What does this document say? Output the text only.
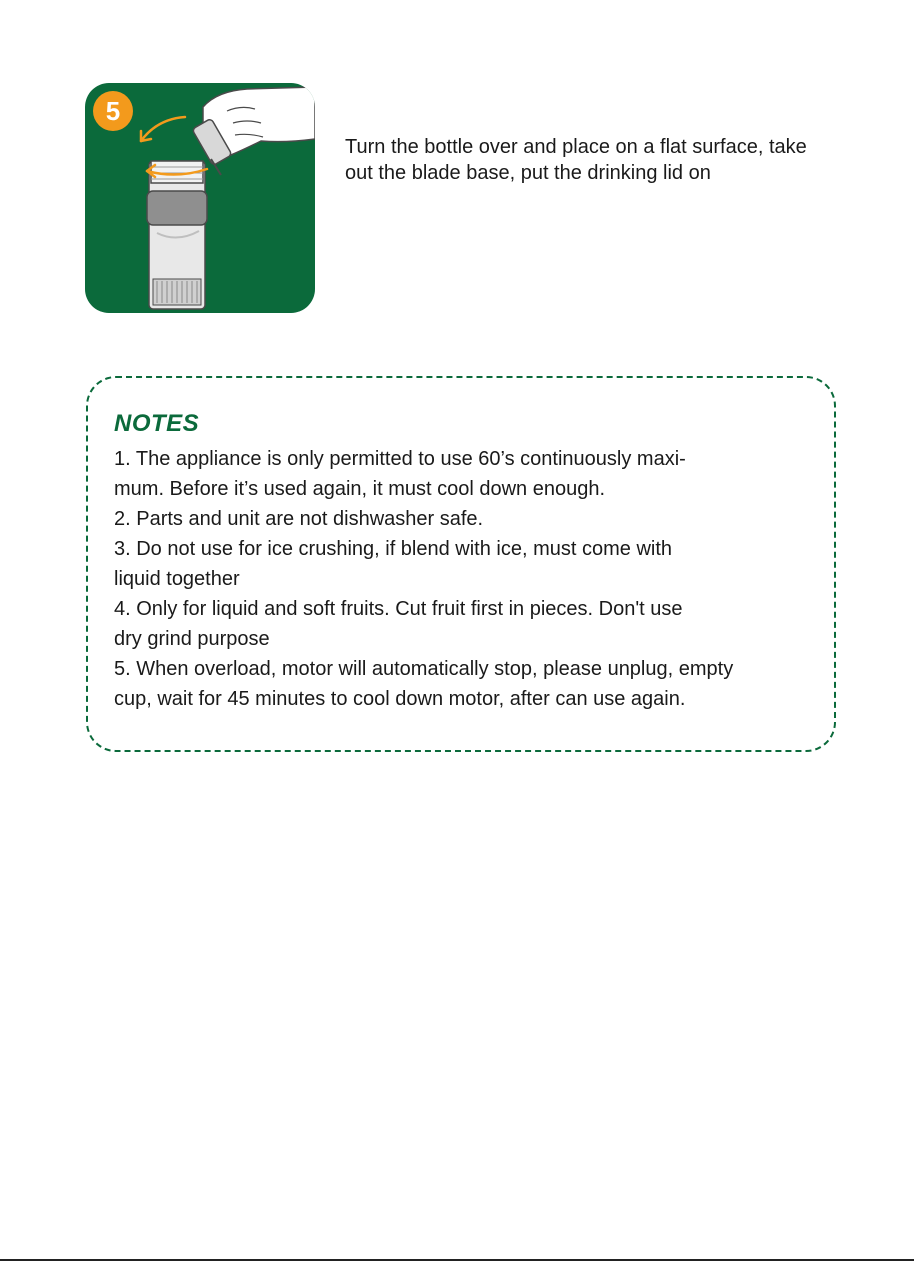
5

Turn the bottle over and place on a flat surface, take out the blade base, put the drinking lid on

NOTES

1. The appliance is only permitted to use 60’s continuously maxi-

mum. Before it’s used again, it must cool down enough.

2. Parts and unit are not dishwasher safe.

3. Do not use for ice crushing, if blend with ice, must come with

liquid together

4. Only for liquid and soft fruits. Cut fruit first in pieces. Don't use

dry grind purpose

5. When overload, motor will automatically stop, please unplug, empty

cup, wait for 45 minutes to cool down motor, after can use again.
